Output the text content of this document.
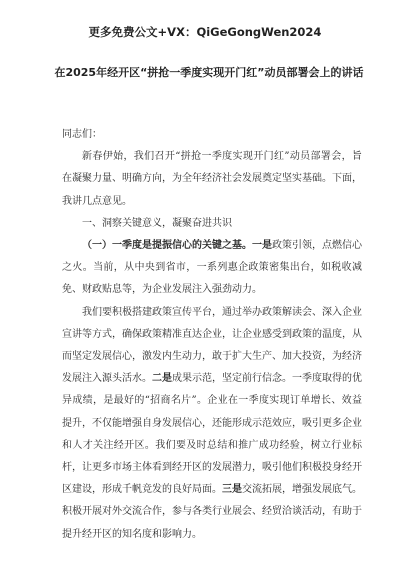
更多免费公文+VX：QiGeGongWen2024
在2025年经开区“拼抢一季度实现开门红”动员部署会上的讲话

同志们：

新春伊始，我们召开“拼抢一季度实现开门红”动员部署会，旨在凝聚力量、明确方向，为全年经济社会发展奠定坚实基础。下面，我讲几点意见。

一、洞察关键意义，凝聚奋进共识

（一）一季度是提振信心的关键之基。一是政策引领，点燃信心之火。当前，从中央到省市，一系列惠企政策密集出台，如税收减免、财政贴息等，为企业发展注入强劲动力。

我们要积极搭建政策宣传平台，通过举办政策解读会、深入企业宣讲等方式，确保政策精准直达企业，让企业感受到政策的温度，从而坚定发展信心，激发内生动力，敢于扩大生产、加大投资，为经济发展注入源头活水。二是成果示范，坚定前行信念。一季度取得的优异成绩，是最好的“招商名片”。企业在一季度实现订单增长、效益提升，不仅能增强自身发展信心，还能形成示范效应，吸引更多企业和人才关注经开区。我们要及时总结和推广成功经验，树立行业标杆，让更多市场主体看到经开区的发展潜力，吸引他们积极投身经开区建设，形成千帆竞发的良好局面。三是交流拓展，增强发展底气。积极开展对外交流合作，参与各类行业展会、经贸洽谈活动，有助于提升经开区的知名度和影响力。
